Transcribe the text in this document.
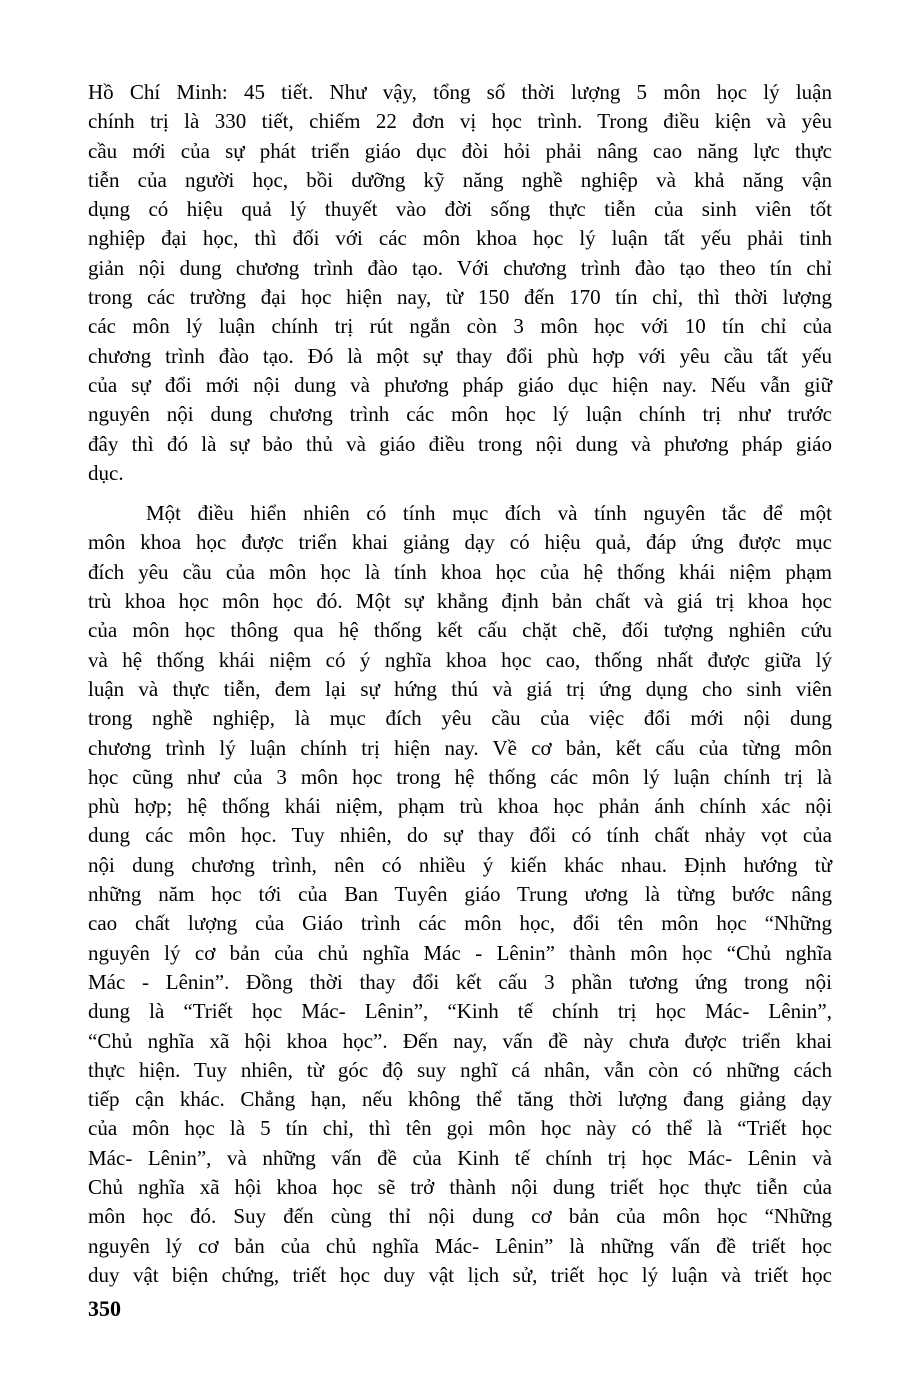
Hồ Chí Minh: 45 tiết. Như vậy, tổng số thời lượng 5 môn học lý luận
chính trị là 330 tiết, chiếm 22 đơn vị học trình. Trong điều kiện và yêu
cầu mới của sự phát triển giáo dục đòi hỏi phải nâng cao năng lực thực
tiễn của người học, bồi dưỡng kỹ năng nghề nghiệp và khả năng vận
dụng có hiệu quả lý thuyết vào đời sống thực tiễn của sinh viên tốt
nghiệp đại học, thì đối với các môn khoa học lý luận tất yếu phải tinh
giản nội dung chương trình đào tạo. Với chương trình đào tạo theo tín chỉ
trong các trường đại học hiện nay, từ 150 đến 170 tín chỉ, thì thời lượng
các môn lý luận chính trị rút ngắn còn 3 môn học với 10 tín chỉ của
chương trình đào tạo. Đó là một sự thay đổi phù hợp với yêu cầu tất yếu
của sự đổi mới nội dung và phương pháp giáo dục hiện nay. Nếu vẫn giữ
nguyên nội dung chương trình các môn học lý luận chính trị như trước
đây thì đó là sự bảo thủ và giáo điều trong nội dung và phương pháp giáo
dục.
Một điều hiển nhiên có tính mục đích và tính nguyên tắc để một
môn khoa học được triển khai giảng dạy có hiệu quả, đáp ứng được mục
đích yêu cầu của môn học là tính khoa học của hệ thống khái niệm phạm
trù khoa học môn học đó. Một sự khẳng định bản chất và giá trị khoa học
của môn học thông qua hệ thống kết cấu chặt chẽ, đối tượng nghiên cứu
và hệ thống khái niệm có ý nghĩa khoa học cao, thống nhất được giữa lý
luận và thực tiễn, đem lại sự hứng thú và giá trị ứng dụng cho sinh viên
trong nghề nghiệp, là mục đích yêu cầu của việc đổi mới nội dung
chương trình lý luận chính trị hiện nay. Về cơ bản, kết cấu của từng môn
học cũng như của 3 môn học trong hệ thống các môn lý luận chính trị là
phù hợp; hệ thống khái niệm, phạm trù khoa học phản ánh chính xác nội
dung các môn học. Tuy nhiên, do sự thay đổi có tính chất nhảy vọt của
nội dung chương trình, nên có nhiều ý kiến khác nhau. Định hướng từ
những năm học tới của Ban Tuyên giáo Trung ương là từng bước nâng
cao chất lượng của Giáo trình các môn học, đổi tên môn học “Những
nguyên lý cơ bản của chủ nghĩa Mác - Lênin” thành môn học “Chủ nghĩa
Mác - Lênin”. Đồng thời thay đổi kết cấu 3 phần tương ứng trong nội
dung là “Triết học Mác- Lênin”, “Kinh tế chính trị học Mác- Lênin”,
“Chủ nghĩa xã hội khoa học”. Đến nay, vấn đề này chưa được triển khai
thực hiện. Tuy nhiên, từ góc độ suy nghĩ cá nhân, vẫn còn có những cách
tiếp cận khác. Chẳng hạn, nếu không thể tăng thời lượng đang giảng dạy
của môn học là 5 tín chỉ, thì tên gọi môn học này có thể là “Triết học
Mác- Lênin”, và những vấn đề của Kinh tế chính trị học Mác- Lênin và
Chủ nghĩa xã hội khoa học sẽ trở thành nội dung triết học thực tiễn của
môn học đó. Suy đến cùng thỉ nội dung cơ bản của môn học “Những
nguyên lý cơ bản của chủ nghĩa Mác- Lênin” là những vấn đề triết học
duy vật biện chứng, triết học duy vật lịch sử, triết học lý luận và triết học
350
